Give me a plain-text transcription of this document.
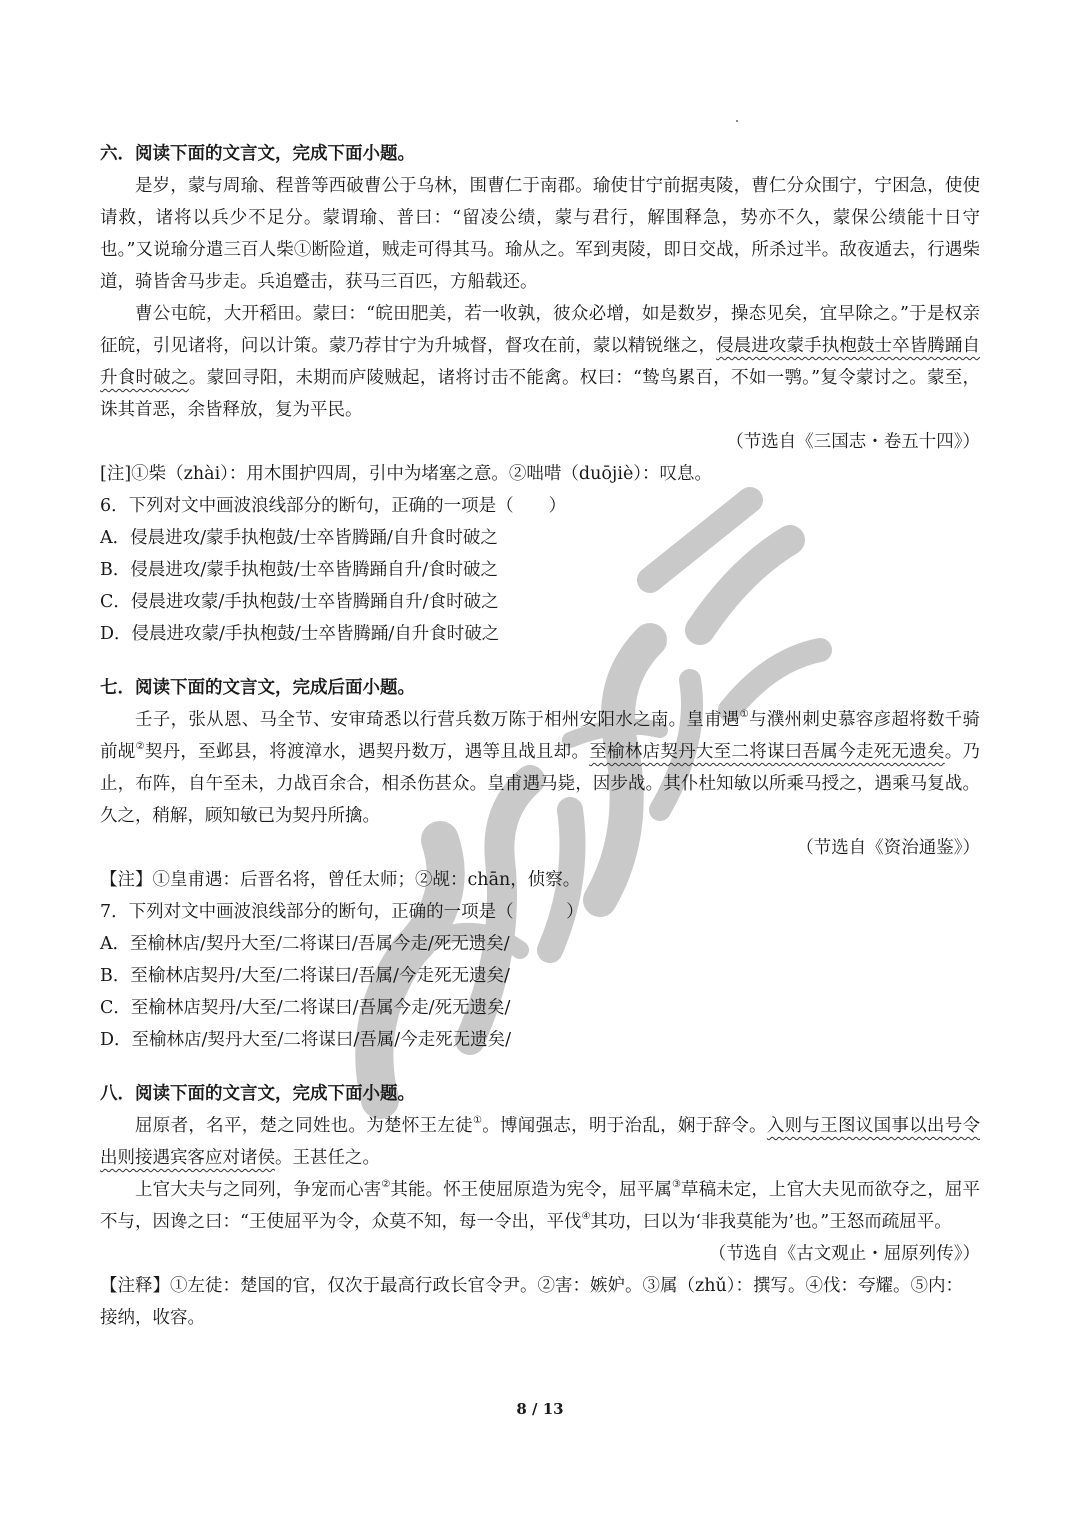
六．阅读下面的文言文，完成下面小题。

是岁，蒙与周瑜、程普等西破曹公于乌林，围曹仁于南郡。瑜使甘宁前据夷陵，曹仁分众围宁，宁困急，使使请救，诸将以兵少不足分。蒙谓瑜、普曰：“留凌公绩，蒙与君行，解围释急，势亦不久，蒙保公绩能十日守也。”又说瑜分遣三百人柴①断险道，贼走可得其马。瑜从之。军到夷陵，即日交战，所杀过半。敌夜遁去，行遇柴道，骑皆舍马步走。兵追蹙击，获马三百匹，方船载还。

曹公屯皖，大开稻田。蒙曰：“皖田肥美，若一收孰，彼众必增，如是数岁，操态见矣，宜早除之。”于是权亲征皖，引见诸将，问以计策。蒙乃荐甘宁为升城督，督攻在前，蒙以精锐继之，侵晨进攻蒙手执枹鼓士卒皆腾踊自升食时破之。蒙回寻阳，未期而庐陵贼起，诸将讨击不能禽。权曰：“鸷鸟累百，不如一鹗。”复令蒙讨之。蒙至，诛其首恶，余皆释放，复为平民。

（节选自《三国志・卷五十四》）

[注]①柴（zhài）：用木围护四周，引中为堵塞之意。②咄唶（duōjiè）：叹息。

6．下列对文中画波浪线部分的断句，正确的一项是（　　）

A．侵晨进攻/蒙手执枹鼓/士卒皆腾踊/自升食时破之

B．侵晨进攻/蒙手执枹鼓/士卒皆腾踊自升/食时破之

C．侵晨进攻蒙/手执枹鼓/士卒皆腾踊自升/食时破之

D．侵晨进攻蒙/手执枹鼓/士卒皆腾踊/自升食时破之

七．阅读下面的文言文，完成后面小题。

壬子，张从恩、马全节、安审琦悉以行营兵数万陈于相州安阳水之南。皇甫遇①与濮州刺史慕容彦超将数千骑前觇②契丹，至邺县，将渡漳水，遇契丹数万，遇等且战且却。至榆林店契丹大至二将谋曰吾属今走死无遗矣。乃止，布阵，自午至未，力战百余合，相杀伤甚众。皇甫遇马毙，因步战。其仆杜知敏以所乘马授之，遇乘马复战。久之，稍解，顾知敏已为契丹所擒。

（节选自《资治通鉴》）

【注】①皇甫遇：后晋名将，曾任太师；②觇：chān，侦察。

7．下列对文中画波浪线部分的断句，正确的一项是（　　　）

A．至榆林店/契丹大至/二将谋曰/吾属今走/死无遗矣/

B．至榆林店契丹/大至/二将谋曰/吾属/今走死无遗矣/

C．至榆林店契丹/大至/二将谋曰/吾属今走/死无遗矣/

D．至榆林店/契丹大至/二将谋曰/吾属/今走死无遗矣/

八．阅读下面的文言文，完成下面小题。

屈原者，名平，楚之同姓也。为楚怀王左徒①。博闻强志，明于治乱，娴于辞令。入则与王图议国事以出号令出则接遇宾客应对诸侯。王甚任之。

上官大夫与之同列，争宠而心害②其能。怀王使屈原造为宪令，屈平属③草稿未定，上官大夫见而欲夺之，屈平不与，因谗之曰：“王使屈平为令，众莫不知，每一令出，平伐④其功，曰以为‘非我莫能为’也。”王怒而疏屈平。

（节选自《古文观止・屈原列传》）

【注释】①左徒：楚国的官，仅次于最高行政长官令尹。②害：嫉妒。③属（zhǔ）：撰写。④伐：夸耀。⑤内：接纳，收容。

8 / 13
